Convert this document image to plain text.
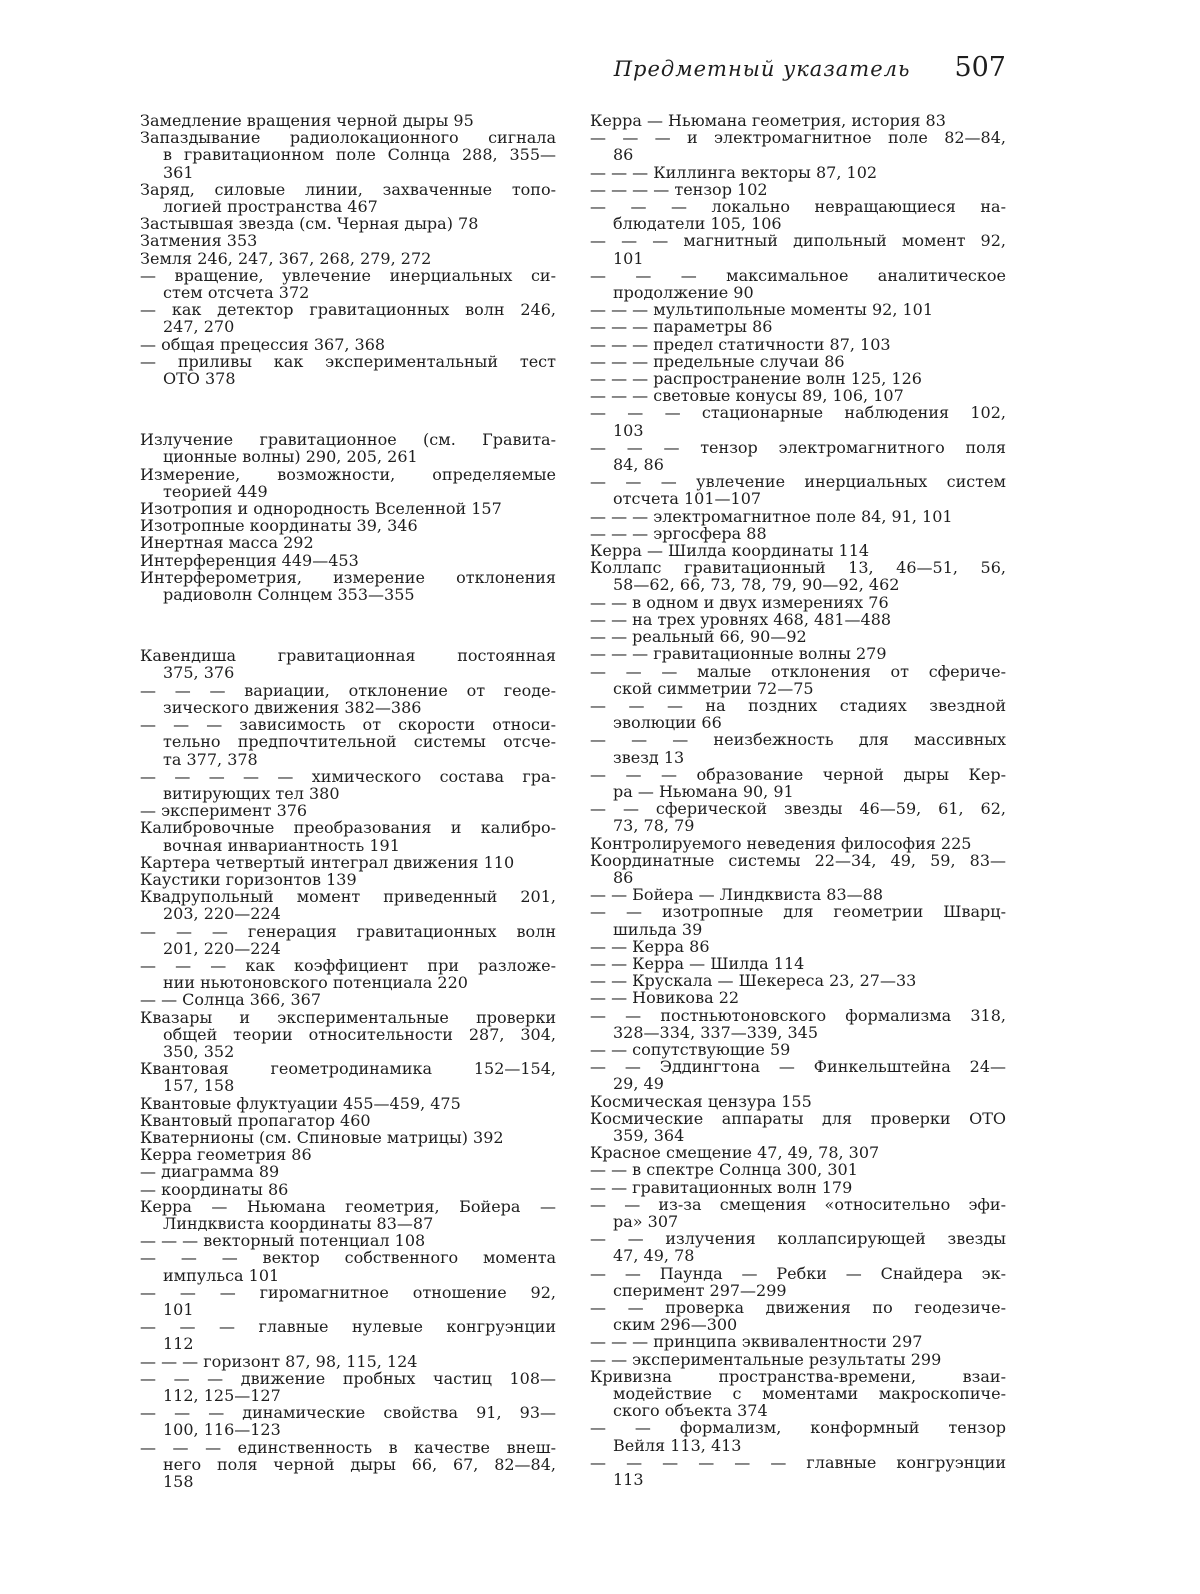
Предметный указатель 507
Замедление вращения черной дыры 95
Запаздывание радиолокационного сигнала
в гравитационном поле Солнца 288, 355—
361
Заряд, силовые линии, захваченные топо-
логией пространства 467
Застывшая звезда (см. Черная дыра) 78
Затмения 353
Земля 246, 247, 367, 268, 279, 272
— вращение, увлечение инерциальных си-
стем отсчета 372
— как детектор гравитационных волн 246,
247, 270
— общая прецессия 367, 368
— приливы как экспериментальный тест
ОТО 378
Излучение гравитационное (см. Гравита-
ционные волны) 290, 205, 261
Измерение, возможности, определяемые
теорией 449
Изотропия и однородность Вселенной 157
Изотропные координаты 39, 346
Инертная масса 292
Интерференция 449—453
Интерферометрия, измерение отклонения
радиоволн Солнцем 353—355
Кавендиша гравитационная постоянная
375, 376
— — — вариации, отклонение от геоде-
зического движения 382—386
— — — зависимость от скорости относи-
тельно предпочтительной системы отсче-
та 377, 378
— — — — — химического состава гра-
витирующих тел 380
— эксперимент 376
Калибровочные преобразования и калибро-
вочная инвариантность 191
Картера четвертый интеграл движения 110
Каустики горизонтов 139
Квадрупольный момент приведенный 201,
203, 220—224
— — — генерация гравитационных волн
201, 220—224
— — — как коэффициент при разложе-
нии ньютоновского потенциала 220
— — Солнца 366, 367
Квазары и экспериментальные проверки
общей теории относительности 287, 304,
350, 352
Квантовая геометродинамика 152—154,
157, 158
Квантовые флуктуации 455—459, 475
Квантовый пропагатор 460
Кватернионы (см. Спиновые матрицы) 392
Керра геометрия 86
— диаграмма 89
— координаты 86
Керра — Ньюмана геометрия, Бойера —
Линдквиста координаты 83—87
— — — векторный потенциал 108
— — — вектор собственного момента
импульса 101
— — — гиромагнитное отношение 92,
101
— — — главные нулевые конгруэнции
112
— — — горизонт 87, 98, 115, 124
— — — движение пробных частиц 108—
112, 125—127
— — — динамические свойства 91, 93—
100, 116—123
— — — единственность в качестве внеш-
него поля черной дыры 66, 67, 82—84,
158
Керра — Ньюмана геометрия, история 83
— — — и электромагнитное поле 82—84,
86
— — — Киллинга векторы 87, 102
— — — — тензор 102
— — — локально невращающиеся на-
блюдатели 105, 106
— — — магнитный дипольный момент 92,
101
— — — максимальное аналитическое
продолжение 90
— — — мультипольные моменты 92, 101
— — — параметры 86
— — — предел статичности 87, 103
— — — предельные случаи 86
— — — распространение волн 125, 126
— — — световые конусы 89, 106, 107
— — — стационарные наблюдения 102,
103
— — — тензор электромагнитного поля
84, 86
— — — увлечение инерциальных систем
отсчета 101—107
— — — электромагнитное поле 84, 91, 101
— — — эргосфера 88
Керра — Шилда координаты 114
Коллапс гравитационный 13, 46—51, 56,
58—62, 66, 73, 78, 79, 90—92, 462
— — в одном и двух измерениях 76
— — на трех уровнях 468, 481—488
— — реальный 66, 90—92
— — — гравитационные волны 279
— — — малые отклонения от сфериче-
ской симметрии 72—75
— — — на поздних стадиях звездной
эволюции 66
— — — неизбежность для массивных
звезд 13
— — — образование черной дыры Кер-
ра — Ньюмана 90, 91
— — сферической звезды 46—59, 61, 62,
73, 78, 79
Контролируемого неведения философия 225
Координатные системы 22—34, 49, 59, 83—
86
— — Бойера — Линдквиста 83—88
— — изотропные для геометрии Шварц-
шильда 39
— — Керра 86
— — Керра — Шилда 114
— — Крускала — Шекереса 23, 27—33
— — Новикова 22
— — постньютоновского формализма 318,
328—334, 337—339, 345
— — сопутствующие 59
— — Эддингтона — Финкельштейна 24—
29, 49
Космическая цензура 155
Космические аппараты для проверки ОТО
359, 364
Красное смещение 47, 49, 78, 307
— — в спектре Солнца 300, 301
— — гравитационных волн 179
— — из-за смещения «относительно эфи-
ра» 307
— — излучения коллапсирующей звезды
47, 49, 78
— — Паунда — Ребки — Снайдера эк-
сперимент 297—299
— — проверка движения по геодезиче-
ским 296—300
— — — принципа эквивалентности 297
— — экспериментальные результаты 299
Кривизна пространства-времени, взаи-
модействие с моментами макроскопиче-
ского объекта 374
— — формализм, конформный тензор
Вейля 113, 413
— — — — — — главные конгруэнции
113
